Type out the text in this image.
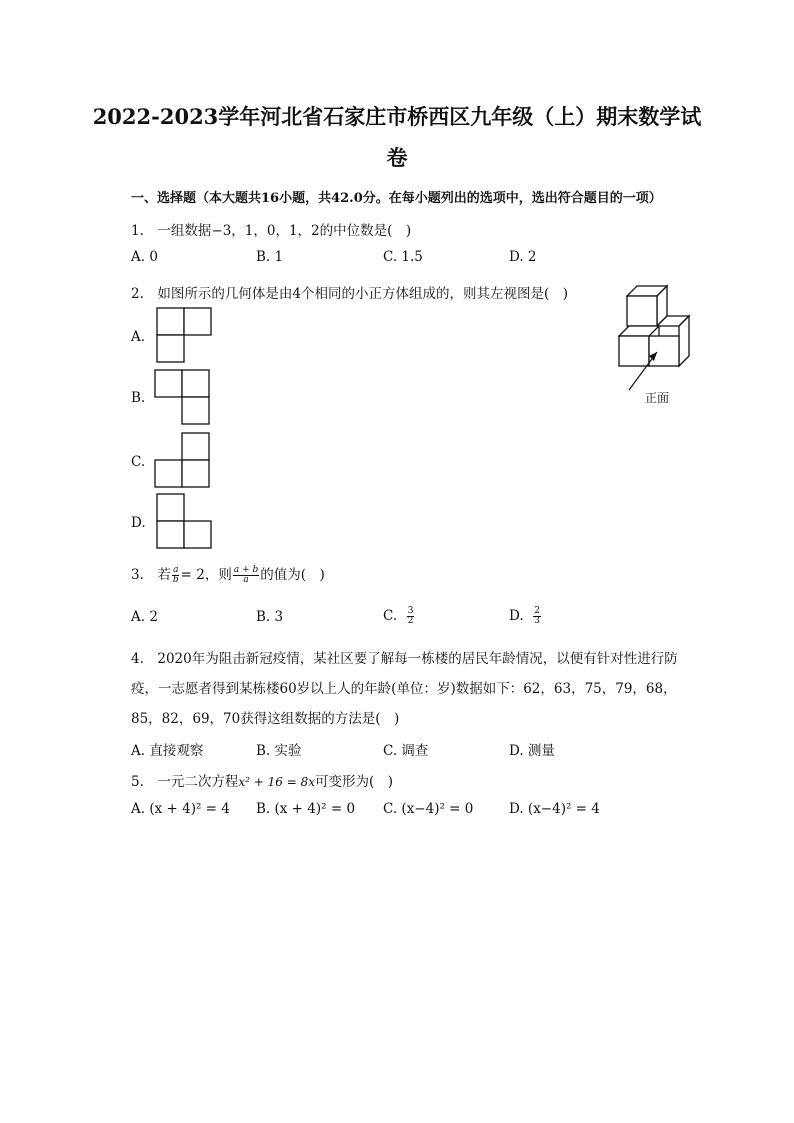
2022-2023学年河北省石家庄市桥西区九年级（上）期末数学试
卷
一、选择题（本大题共16小题，共42.0分。在每小题列出的选项中，选出符合题目的一项）
1.　一组数据−3，1，0，1，2的中位数是(　)
A. 0	B. 1	C. 1.5	D. 2
2.　如图所示的几何体是由4个相同的小正方体组成的，则其左视图是(　)
正面
A.
B.
C.
D.
3.　若 $\frac{a}{b} = 2$，则 $\frac{a + b}{a}$ 的值为(　)
A. 2	B. 3	C. $\frac{3}{2}$	D. $\frac{2}{3}$
4.　2020年为阻击新冠疫情，某社区要了解每一栋楼的居民年龄情况，以便有针对性进行防
疫，一志愿者得到某栋楼60岁以上人的年龄(单位：岁)数据如下：62，63，75，79，68，
85，82，69，70获得这组数据的方法是(　)
A. 直接观察	B. 实验	C. 调查	D. 测量
5.　一元二次方程x² + 16 = 8x可变形为(　)
A. (x + 4)² = 4 B. (x + 4)² = 0 C. (x−4)² = 0	D. (x−4)² = 4
